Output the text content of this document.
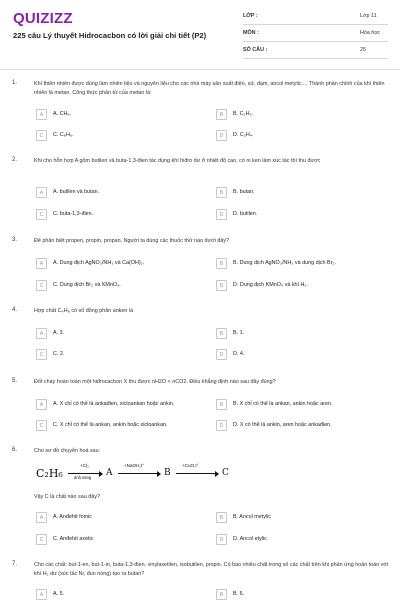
QUIZIZZ
225 câu Lý thuyết Hidrocacbon có lời giải chi tiết (P2)
LỚP :	Lớp 11
MÔN :	Hóa học
SỐ CÂU :	25
1.	Khí thiên nhiên được dùng làm nhiên liệu và nguyên liệu cho các nhà máy sản xuất điện, sứ, đạm, ancol metylic.... Thành phần chính của khí thiên nhiên là metan. Công thức phân tử của metan là:
A	A. CH₄.	B	B. C₂H₂.
C	C. C₆H₆.	D	D. C₂H₄.
2.	Khi cho hỗn hợp A gồm butilen và buta-1,3-đien tác dụng khí hiđro dư ở nhiệt độ cao, có ni ken làm xúc tác thì thu được
A	A. butilen và butan.	B	B. butan.
C	C. buta-1,3-đien.	D	D. butilen.
3.	Để phân biệt propen, propin, propan. Người ta dùng các thuốc thử nào dưới đây?
A	A. Dung dịch AgNO₃/NH₃ và Ca(OH)₂.	B	B. Dung dịch AgNO₃/NH₃ và dung dịch Br₂.
C	C. Dung dịch Br₂ và KMnO₄.	D	D. Dung dịch KMnO₄ và khí H₂.
4.	Hợp chất C₄H₈ có số đồng phân anken là
A	A. 3.	B	B. 1.
C	C. 2.	D	D. 4.
5.	Đốt cháy hoàn toàn một hiđrocacbon X thu được nH2O < nCO2. Điều khẳng định nào sau đây đúng?
A	A. X chỉ có thể là ankađien, xicloankan hoặc ankin.	B	B. X chỉ có thể là ankan, ankin hoặc aren.
C	C. X chỉ có thể là ankan, ankin hoặc xicloankan.	D	D. X có thể là ankin, aren hoặc ankađien.
6.	Cho sơ đồ chuyển hoá sau:
C₂H₆
+Cl₂
ánh sáng A
+NaOH,t°
B
+CuO,t°
C
Vậy C là chất nào sau đây?
A	A. Anđehit fomic	B	B. Ancol metylic
C	C. Anđehit axetic	D	D. Ancol etylic
7.	Cho các chất: but-1-en, but-1-in, buta-1,3-đien, vinylaxetilen, isobutilen, propin. Có bao nhiêu chất trong số các chất trên khi phản ứng hoàn toàn với khí H₂ dư (xúc tác Ni, đun nóng) tạo ra butan?
A	A. 5.	B	B. 6.
